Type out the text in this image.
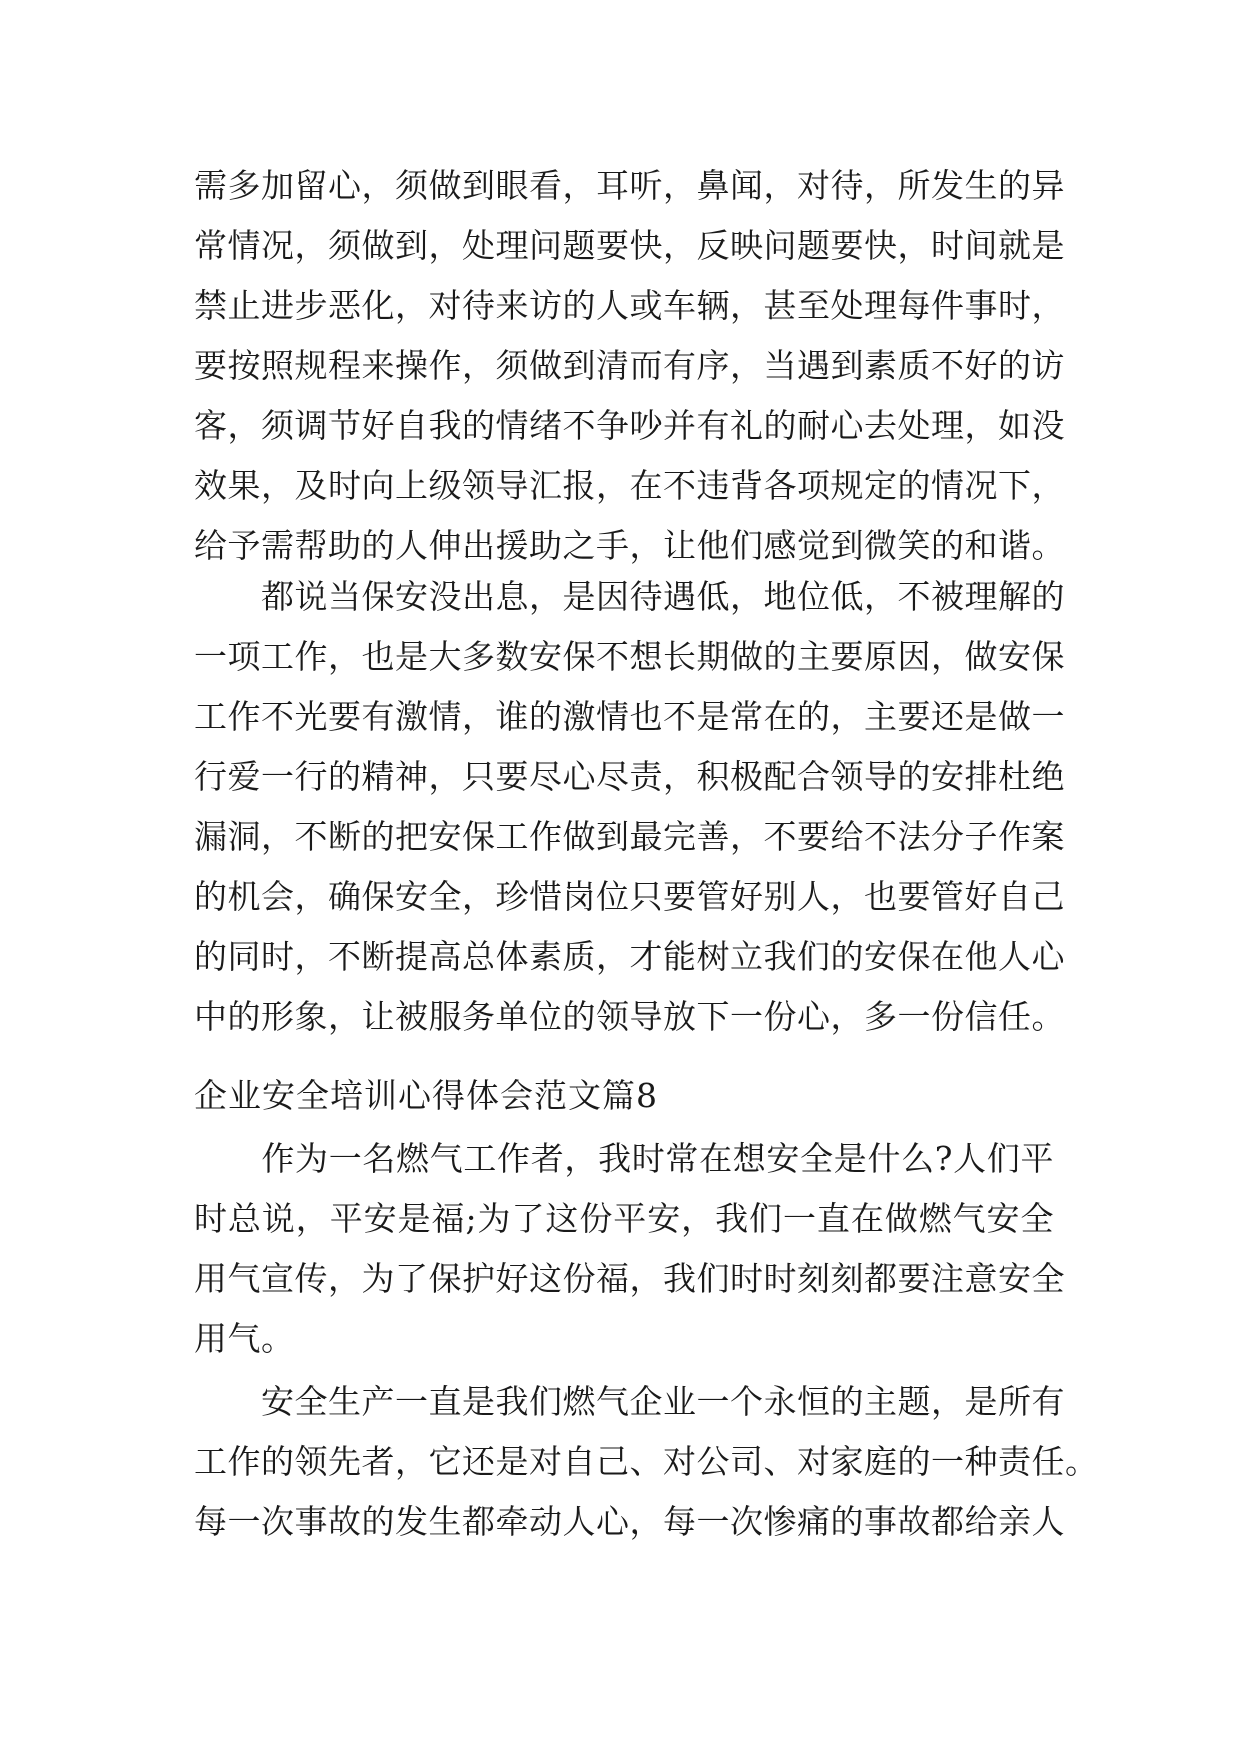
需多加留心，须做到眼看，耳听，鼻闻，对待，所发生的异
常情况，须做到，处理问题要快，反映问题要快，时间就是
禁止进步恶化，对待来访的人或车辆，甚至处理每件事时，
要按照规程来操作，须做到清而有序，当遇到素质不好的访
客，须调节好自我的情绪不争吵并有礼的耐心去处理，如没
效果，及时向上级领导汇报，在不违背各项规定的情况下，
给予需帮助的人伸出援助之手，让他们感觉到微笑的和谐。
　　都说当保安没出息，是因待遇低，地位低，不被理解的
一项工作，也是大多数安保不想长期做的主要原因，做安保
工作不光要有激情，谁的激情也不是常在的，主要还是做一
行爱一行的精神，只要尽心尽责，积极配合领导的安排杜绝
漏洞，不断的把安保工作做到最完善，不要给不法分子作案
的机会，确保安全，珍惜岗位只要管好别人，也要管好自己
的同时，不断提高总体素质，才能树立我们的安保在他人心
中的形象，让被服务单位的领导放下一份心，多一份信任。
企业安全培训心得体会范文篇8
　　作为一名燃气工作者，我时常在想安全是什么?人们平
时总说，平安是福;为了这份平安，我们一直在做燃气安全
用气宣传，为了保护好这份福，我们时时刻刻都要注意安全
用气。
　　安全生产一直是我们燃气企业一个永恒的主题，是所有
工作的领先者，它还是对自己、对公司、对家庭的一种责任。
每一次事故的发生都牵动人心，每一次惨痛的事故都给亲人
